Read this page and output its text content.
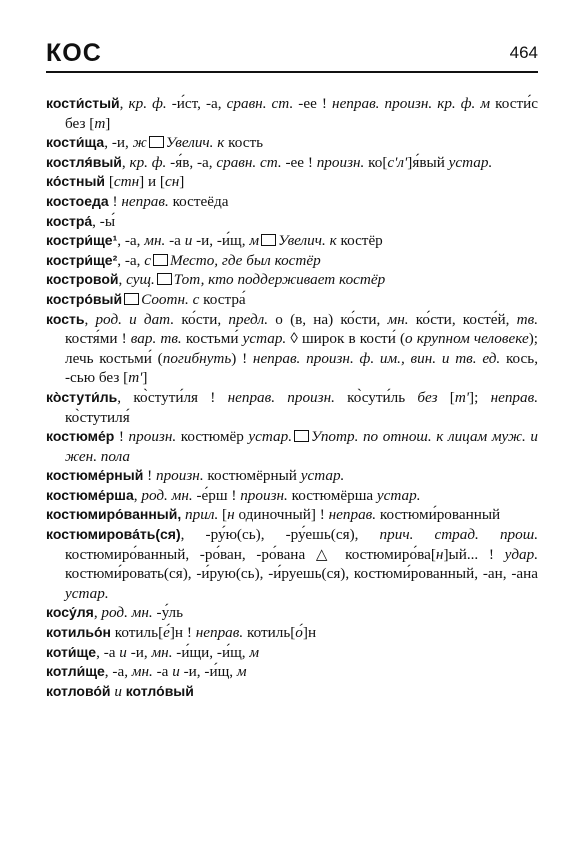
КОС	464

кости́стый, кр. ф. -и́ст, -а, сравн. ст. -ее ! неправ. произн. кр. ф. м кости́с без [т]

кости́ща, -и, ж Увелич. к кость

костля́вый, кр. ф. -я́в, -а, сравн. ст. -ее ! произн. ко[с'л']я́вый устар.

ко́стный [стн] и [сн]

костоеда ! неправ. костеёда

костра́, -ы́

костри́ще¹, -а, мн. -а и -и, -и́щ, м Увелич. к костёр

костри́ще², -а, с Место, где был костёр

костровой, сущ. Тот, кто поддерживает костёр

костро́вый Соотн. с костра́

кость, род. и дат. ко́сти, предл. о (в, на) ко́сти, мн. ко́сти, косте́й, тв. костя́ми ! вар. тв. костьми́ устар. ◊ широк в кости́ (о крупном человеке); лечь костьми́ (погибнуть) ! неправ. произн. ф. им., вин. и тв. ед. кось, -сью без [т']

ко̀стути́ль, ко̀стути́ля ! неправ. произн. ко̀сути́ль без [т']; неправ. ко̀стутиля́

костюме́р ! произн. костюмёр устар. Употр. по отнош. к лицам муж. и жен. пола

костюме́рный ! произн. костюмёрный устар.

костюме́рша, род. мн. -е́рш ! произн. костюмёрша устар.

костюмиро́ванный, прил. [н одиночный] ! неправ. костюми́рованный

костюмирова́ть(ся), -ру́ю(сь), -ру́ешь(ся), прич. страд. прош. костюмиро́ванный, -ро́ван, -ро́вана △ костюмиро́ва[н]ый... ! удар. костюми́ровать(ся), -и́рую(сь), -и́руешь(ся), костюми́рованный, -ан, -ана устар.

косу́ля, род. мн. -у́ль

котильо́н котиль[е́]н ! неправ. котиль[о́]н

коти́ще, -а и -и, мн. -и́щи, -и́щ, м

котли́ще, -а, мн. -а и -и, -и́щ, м

котлово́й и котло́вый
